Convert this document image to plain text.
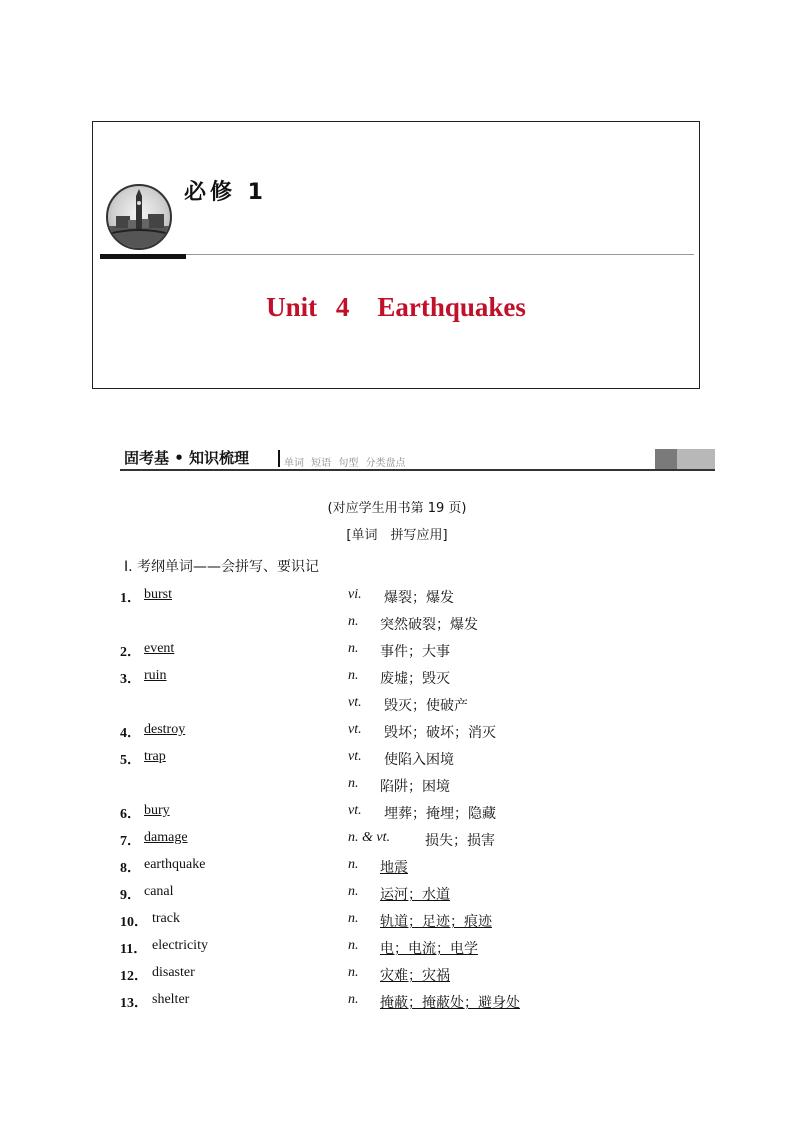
必修 1
Unit 4 Earthquakes
固考基 • 知识梳理	单词 短语 句型 分类盘点
(对应学生用书第 19 页)
[单词　拼写应用]
Ⅰ. 考纲单词——会拼写、要识记
1． burst	vi. 爆裂；爆发
n. 突然破裂；爆发
2． event	n. 事件；大事
3． ruin	n. 废墟；毁灭
vt. 毁灭；使破产
4． destroy	vt. 毁坏；破坏；消灭
5． trap	vt. 使陷入困境
n. 陷阱；困境
6． bury	vt. 埋葬；掩埋；隐藏
7． damage	n. & vt.	损失；损害
8． earthquake	n. 地震
9． canal	n. 运河；水道
10． track	n. 轨道；足迹；痕迹
11． electricity	n. 电；电流；电学
12． disaster	n. 灾难；灾祸
13． shelter	n. 掩蔽；掩蔽处；避身处
